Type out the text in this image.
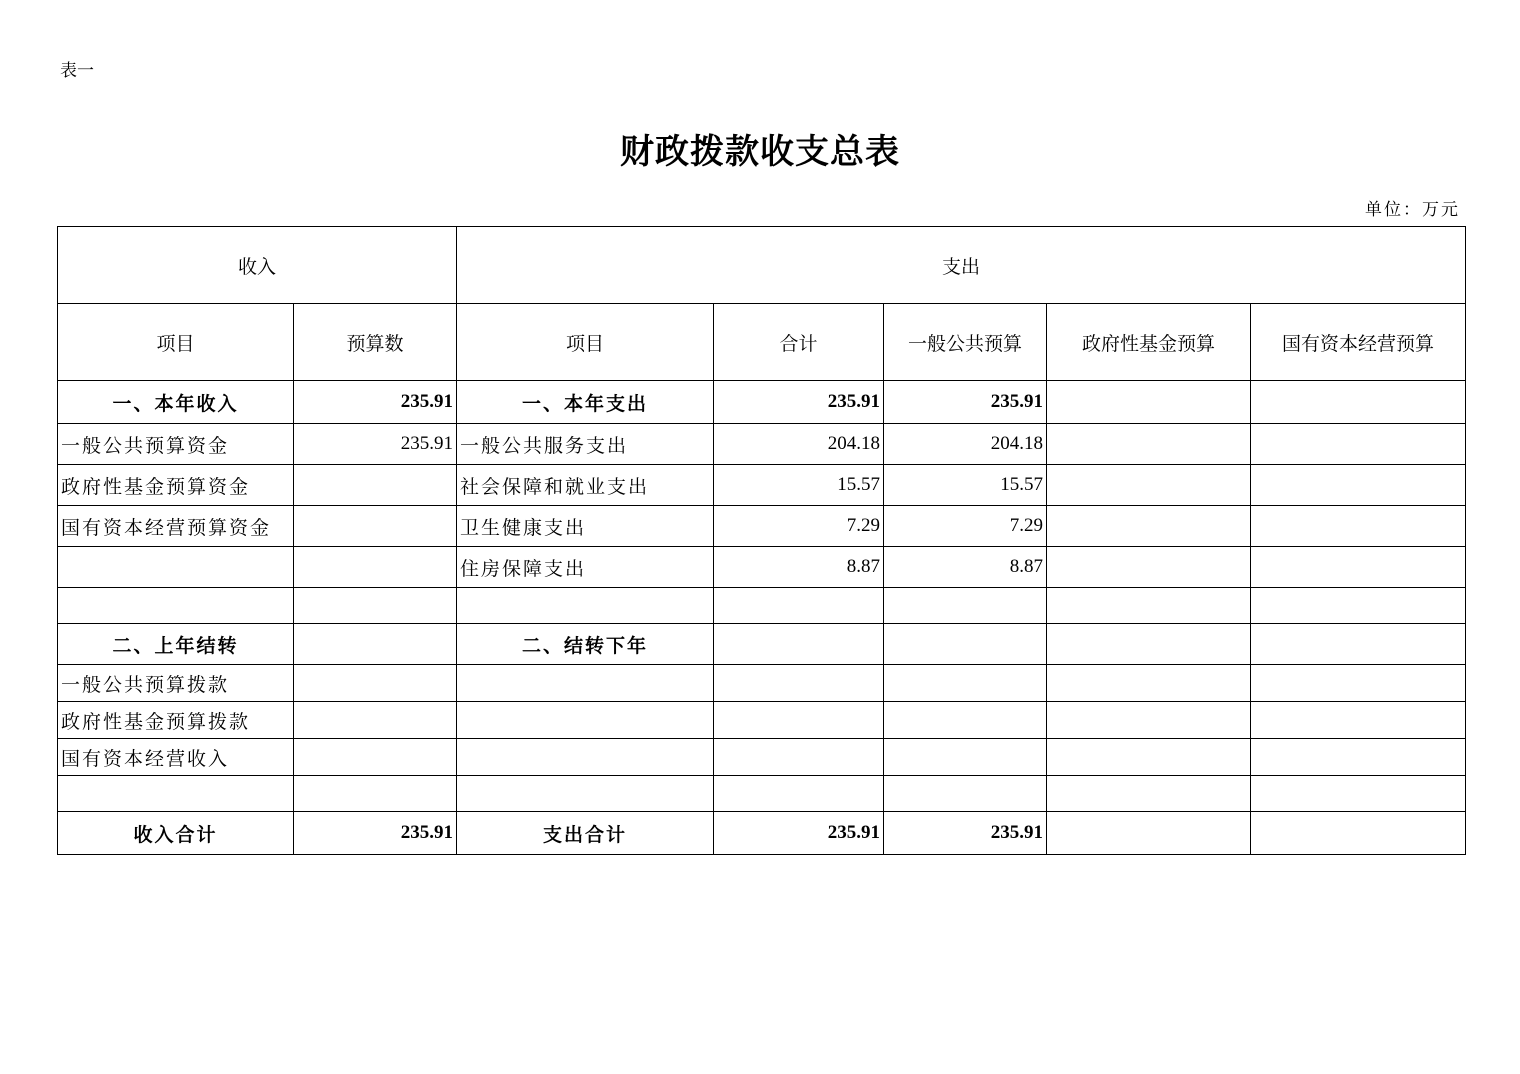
表一
财政拨款收支总表
单位：万元
收入		支出				
项目	预算数	项目	合计	一般公共预算	政府性基金预算	国有资本经营预算
一、本年收入	235.91	一、本年支出	235.91	235.91		
一般公共预算资金	235.91	一般公共服务支出	204.18	204.18		
政府性基金预算资金		社会保障和就业支出	15.57	15.57		
国有资本经营预算资金		卫生健康支出	7.29	7.29		
		住房保障支出	8.87	8.87		

二、上年结转		二、结转下年				
一般公共预算拨款						
政府性基金预算拨款						
国有资本经营收入						

收入合计	235.91	支出合计	235.91	235.91		
